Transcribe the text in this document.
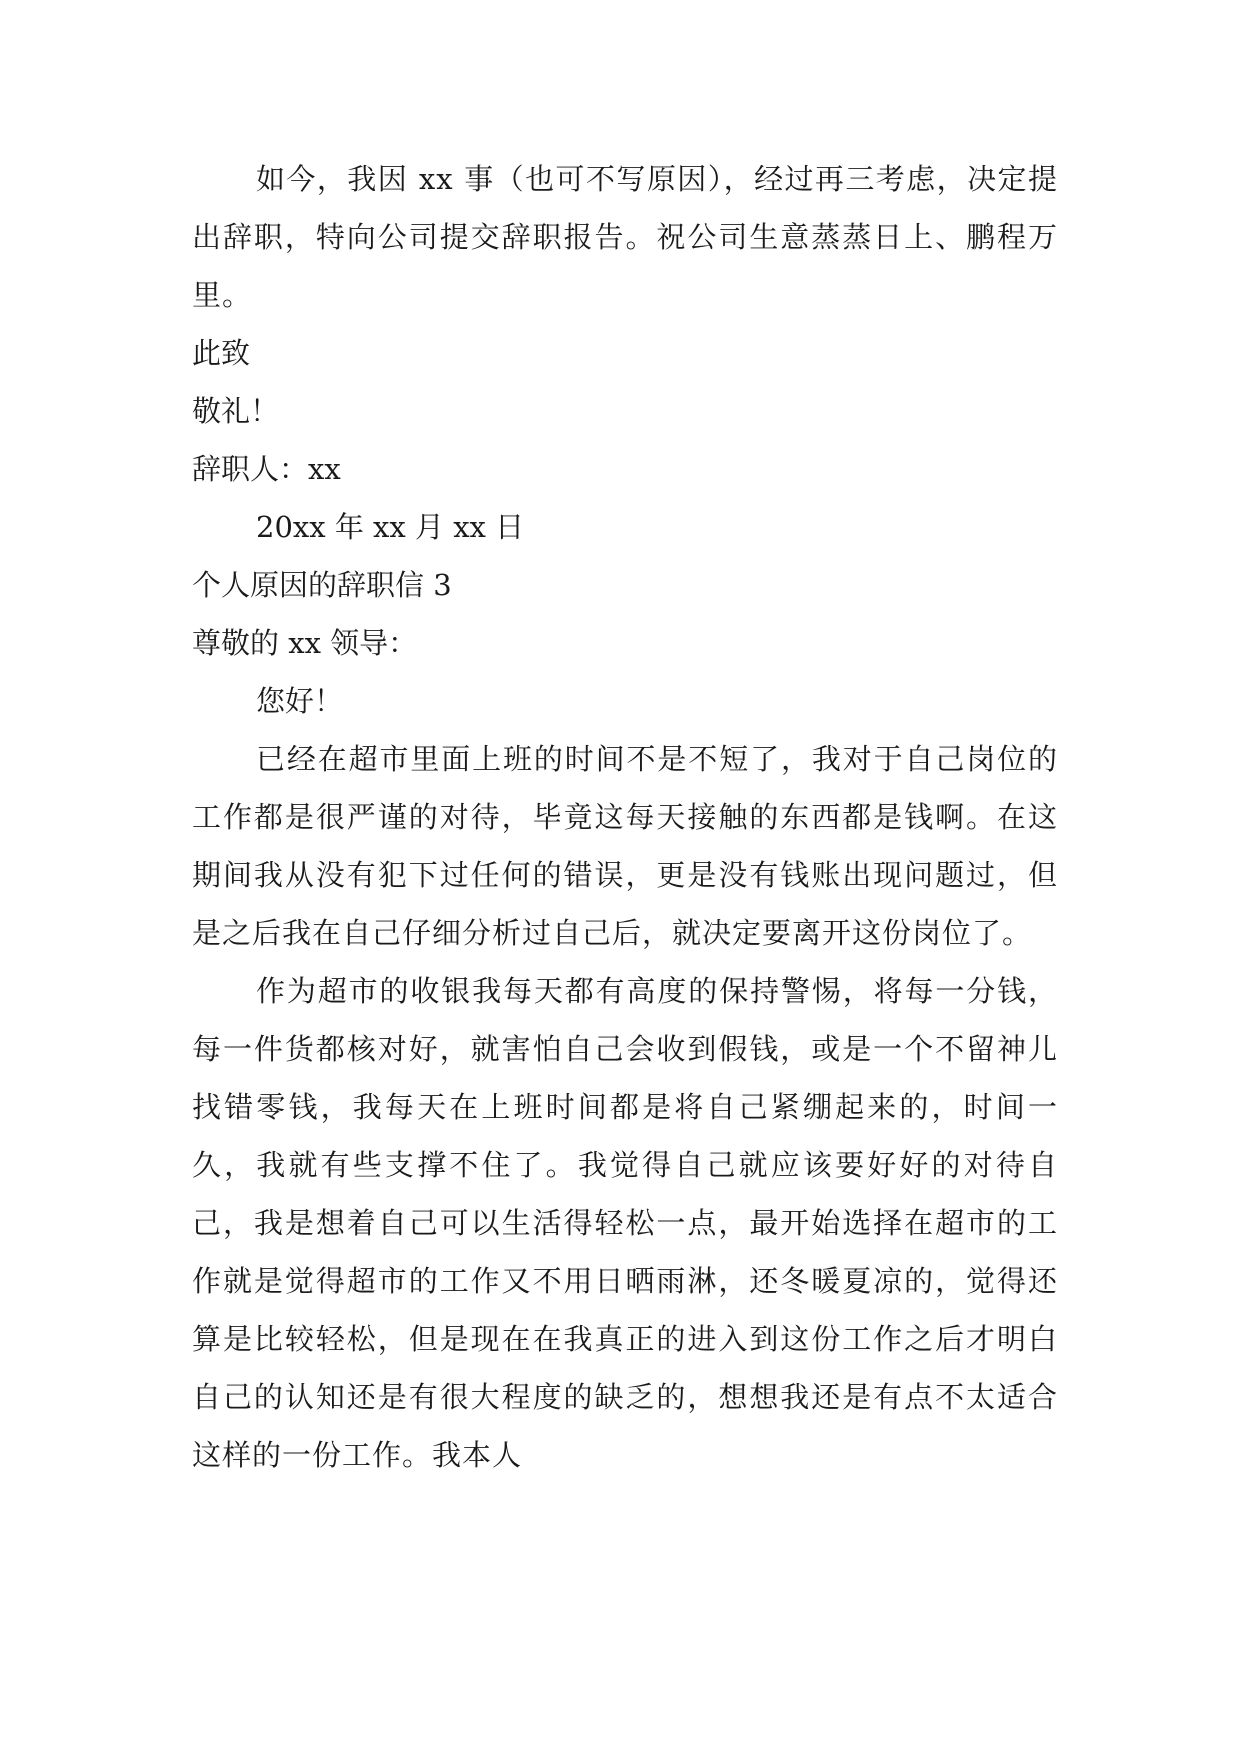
如今，我因 xx 事（也可不写原因），经过再三考虑，决定提出辞职，特向公司提交辞职报告。祝公司生意蒸蒸日上、鹏程万里。

此致

敬礼！

辞职人：xx

20xx 年 xx 月 xx 日

个人原因的辞职信 3

尊敬的 xx 领导：

您好！

已经在超市里面上班的时间不是不短了，我对于自己岗位的工作都是很严谨的对待，毕竟这每天接触的东西都是钱啊。在这期间我从没有犯下过任何的错误，更是没有钱账出现问题过，但是之后我在自己仔细分析过自己后，就决定要离开这份岗位了。

作为超市的收银我每天都有高度的保持警惕，将每一分钱，每一件货都核对好，就害怕自己会收到假钱，或是一个不留神儿找错零钱，我每天在上班时间都是将自己紧绷起来的，时间一久，我就有些支撑不住了。我觉得自己就应该要好好的对待自己，我是想着自己可以生活得轻松一点，最开始选择在超市的工作就是觉得超市的工作又不用日晒雨淋，还冬暖夏凉的，觉得还算是比较轻松，但是现在在我真正的进入到这份工作之后才明白自己的认知还是有很大程度的缺乏的，想想我还是有点不太适合这样的一份工作。我本人
